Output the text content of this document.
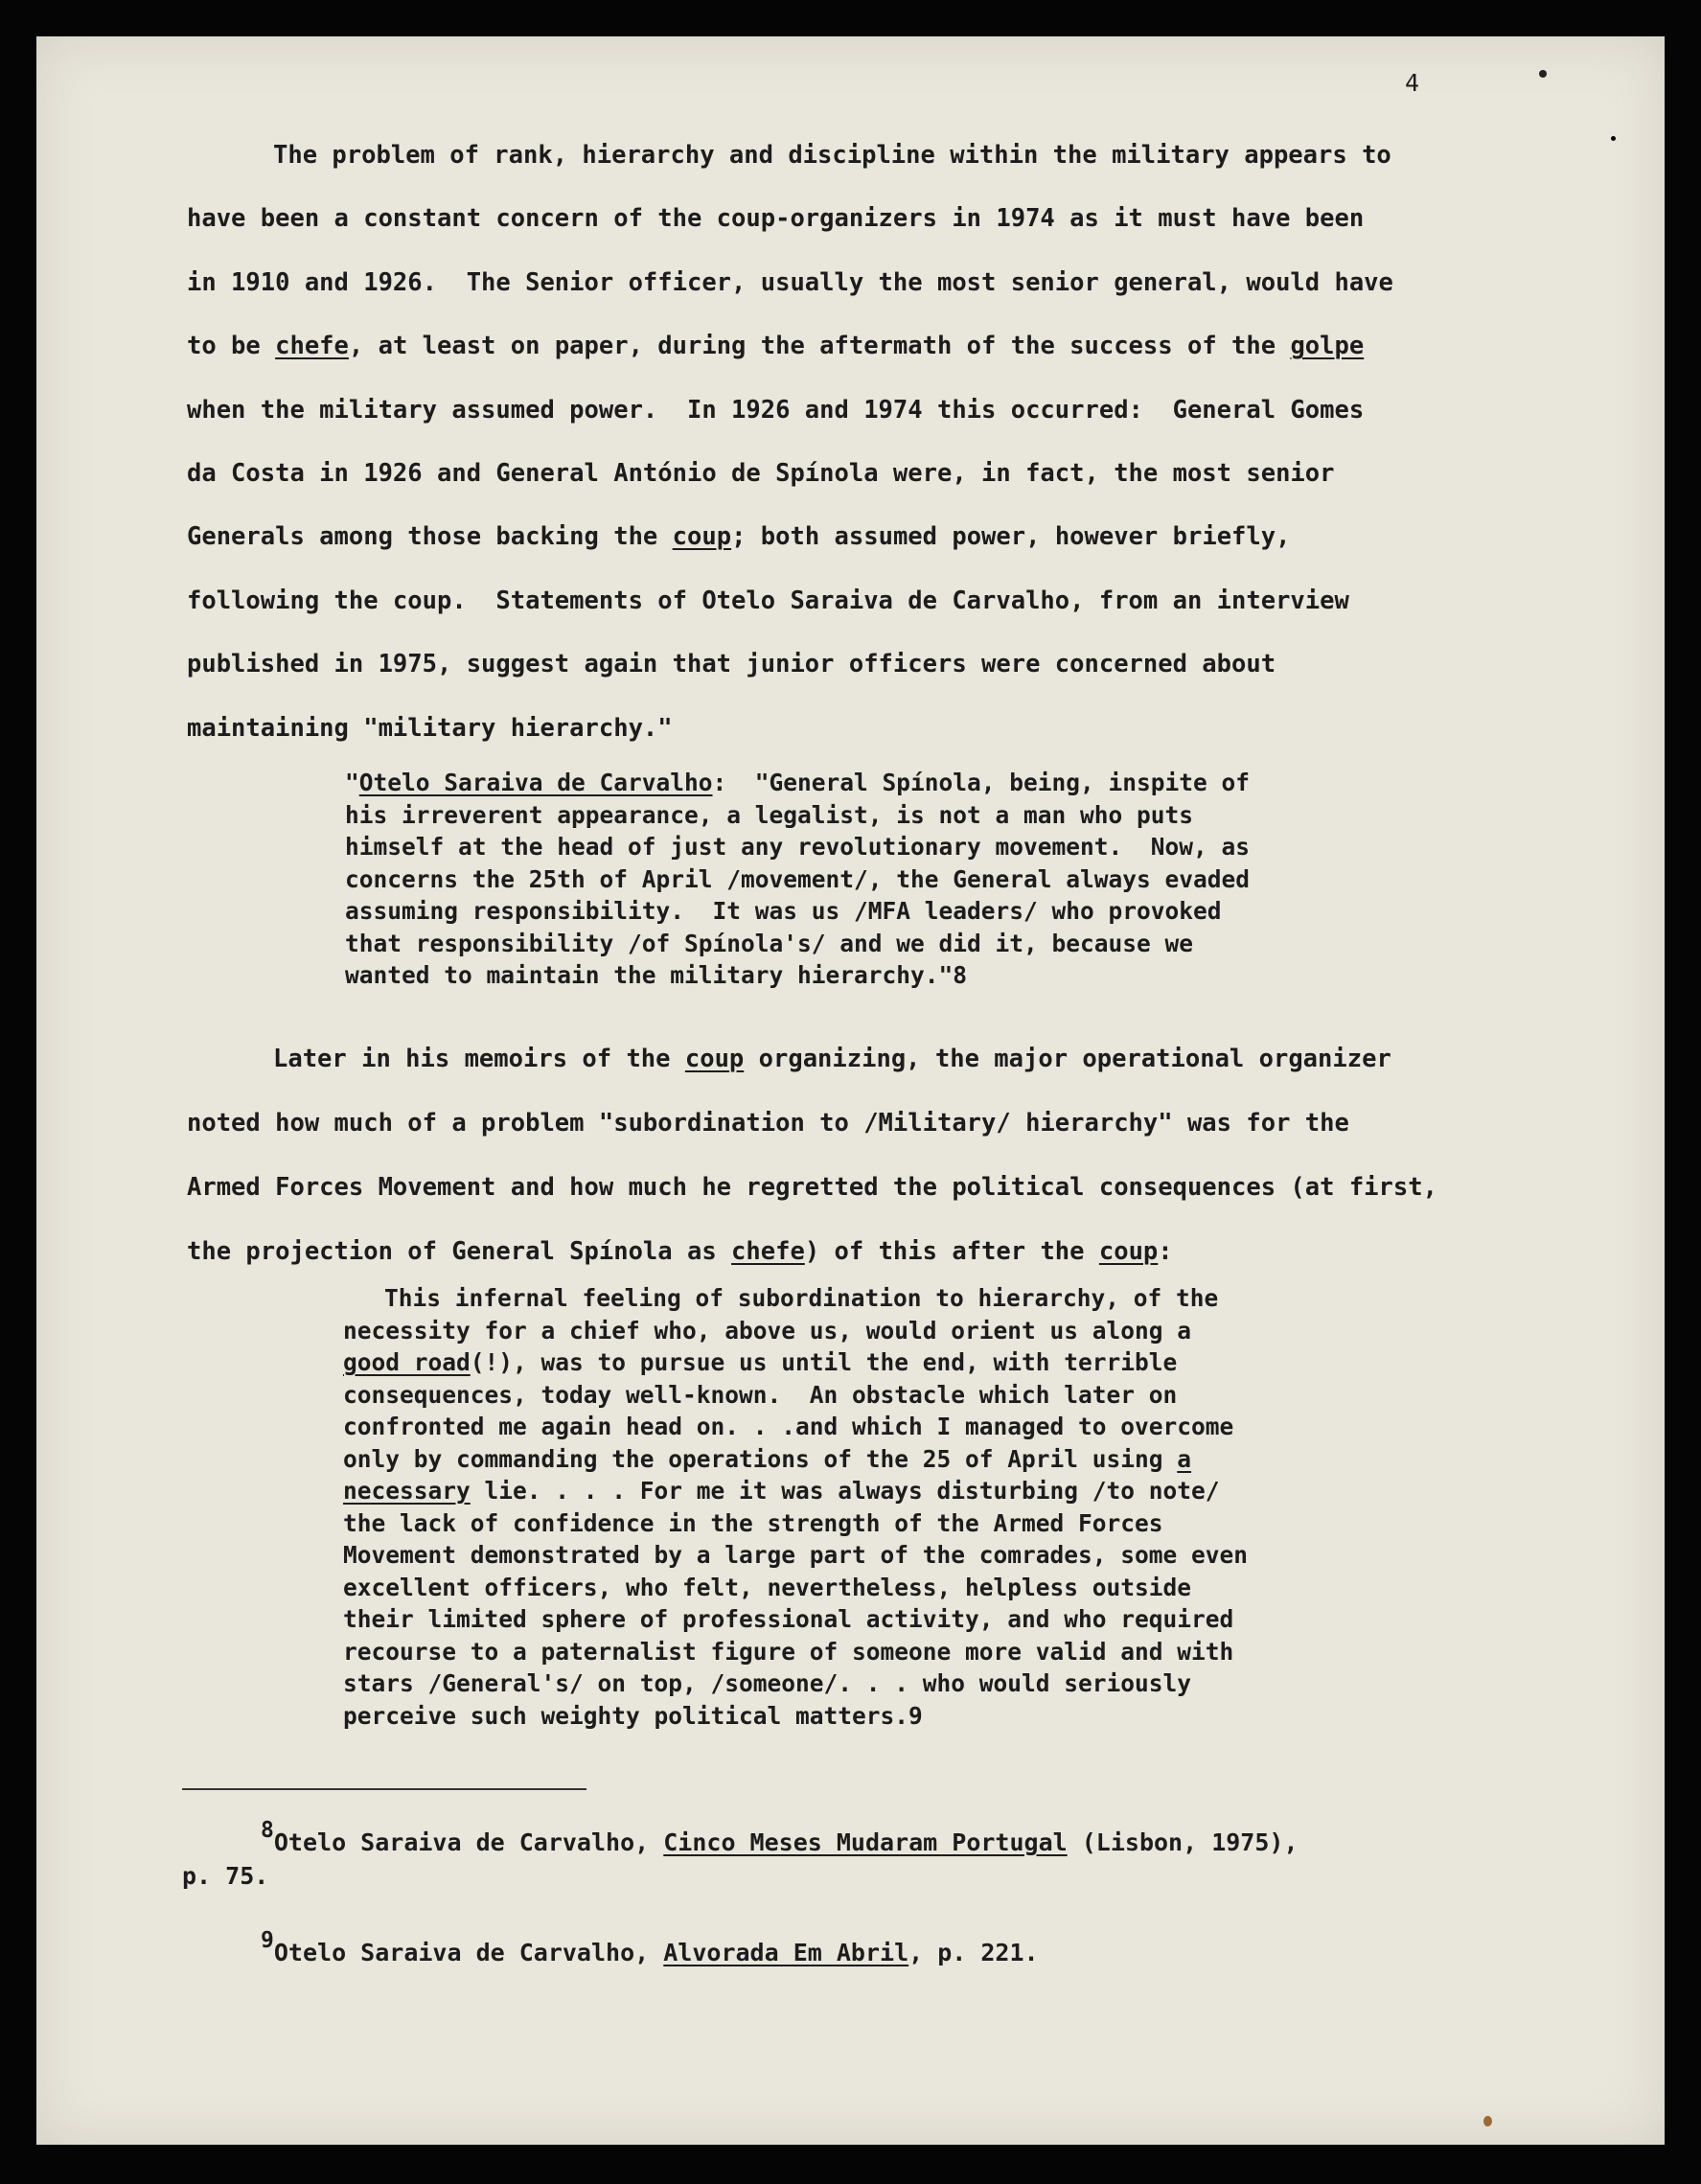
4
The problem of rank, hierarchy and discipline within the military appears to
have been a constant concern of the coup-organizers in 1974 as it must have been
in 1910 and 1926.  The Senior officer, usually the most senior general, would have
to be chefe, at least on paper, during the aftermath of the success of the golpe
when the military assumed power.  In 1926 and 1974 this occurred:  General Gomes
da Costa in 1926 and General António de Spínola were, in fact, the most senior
Generals among those backing the coup; both assumed power, however briefly,
following the coup.  Statements of Otelo Saraiva de Carvalho, from an interview
published in 1975, suggest again that junior officers were concerned about
maintaining "military hierarchy."
"Otelo Saraiva de Carvalho:  "General Spínola, being, inspite of
his irreverent appearance, a legalist, is not a man who puts
himself at the head of just any revolutionary movement.  Now, as
concerns the 25th of April /movement/, the General always evaded
assuming responsibility.  It was us /MFA leaders/ who provoked
that responsibility /of Spínola's/ and we did it, because we
wanted to maintain the military hierarchy."8
Later in his memoirs of the coup organizing, the major operational organizer
noted how much of a problem "subordination to /Military/ hierarchy" was for the
Armed Forces Movement and how much he regretted the political consequences (at first,
the projection of General Spínola as chefe) of this after the coup:
This infernal feeling of subordination to hierarchy, of the
necessity for a chief who, above us, would orient us along a
good road(!), was to pursue us until the end, with terrible
consequences, today well-known.  An obstacle which later on
confronted me again head on. . .and which I managed to overcome
only by commanding the operations of the 25 of April using a
necessary lie. . . . For me it was always disturbing /to note/
the lack of confidence in the strength of the Armed Forces
Movement demonstrated by a large part of the comrades, some even
excellent officers, who felt, nevertheless, helpless outside
their limited sphere of professional activity, and who required
recourse to a paternalist figure of someone more valid and with
stars /General's/ on top, /someone/. . . who would seriously
perceive such weighty political matters.9
8Otelo Saraiva de Carvalho, Cinco Meses Mudaram Portugal (Lisbon, 1975),
p. 75.
9Otelo Saraiva de Carvalho, Alvorada Em Abril, p. 221.
